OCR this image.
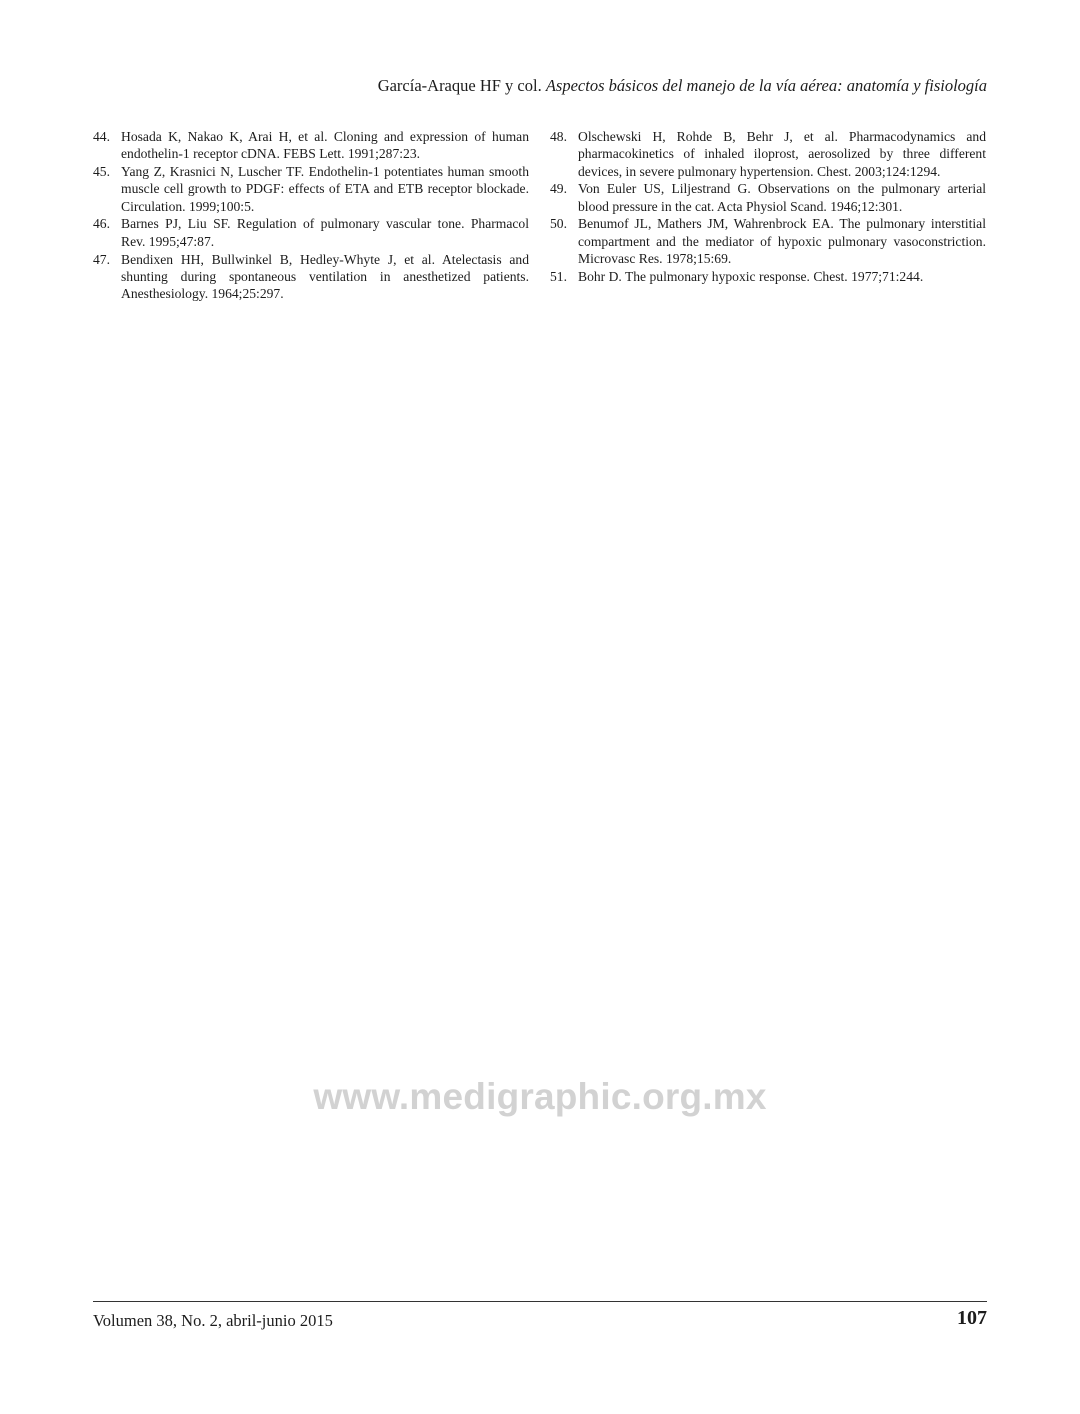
García-Araque HF y col. Aspectos básicos del manejo de la vía aérea: anatomía y fisiología
44. Hosada K, Nakao K, Arai H, et al. Cloning and expression of human endothelin-1 receptor cDNA. FEBS Lett. 1991;287:23.
45. Yang Z, Krasnici N, Luscher TF. Endothelin-1 potentiates human smooth muscle cell growth to PDGF: effects of ETA and ETB receptor blockade. Circulation. 1999;100:5.
46. Barnes PJ, Liu SF. Regulation of pulmonary vascular tone. Pharmacol Rev. 1995;47:87.
47. Bendixen HH, Bullwinkel B, Hedley-Whyte J, et al. Atelectasis and shunting during spontaneous ventilation in anesthetized patients. Anesthesiology. 1964;25:297.
48. Olschewski H, Rohde B, Behr J, et al. Pharmacodynamics and pharmacokinetics of inhaled iloprost, aerosolized by three different devices, in severe pulmonary hypertension. Chest. 2003;124:1294.
49. Von Euler US, Liljestrand G. Observations on the pulmonary arterial blood pressure in the cat. Acta Physiol Scand. 1946;12:301.
50. Benumof JL, Mathers JM, Wahrenbrock EA. The pulmonary interstitial compartment and the mediator of hypoxic pulmonary vasoconstriction. Microvasc Res. 1978;15:69.
51. Bohr D. The pulmonary hypoxic response. Chest. 1977;71:244.
www.medigraphic.org.mx
Volumen 38, No. 2, abril-junio 2015	107
